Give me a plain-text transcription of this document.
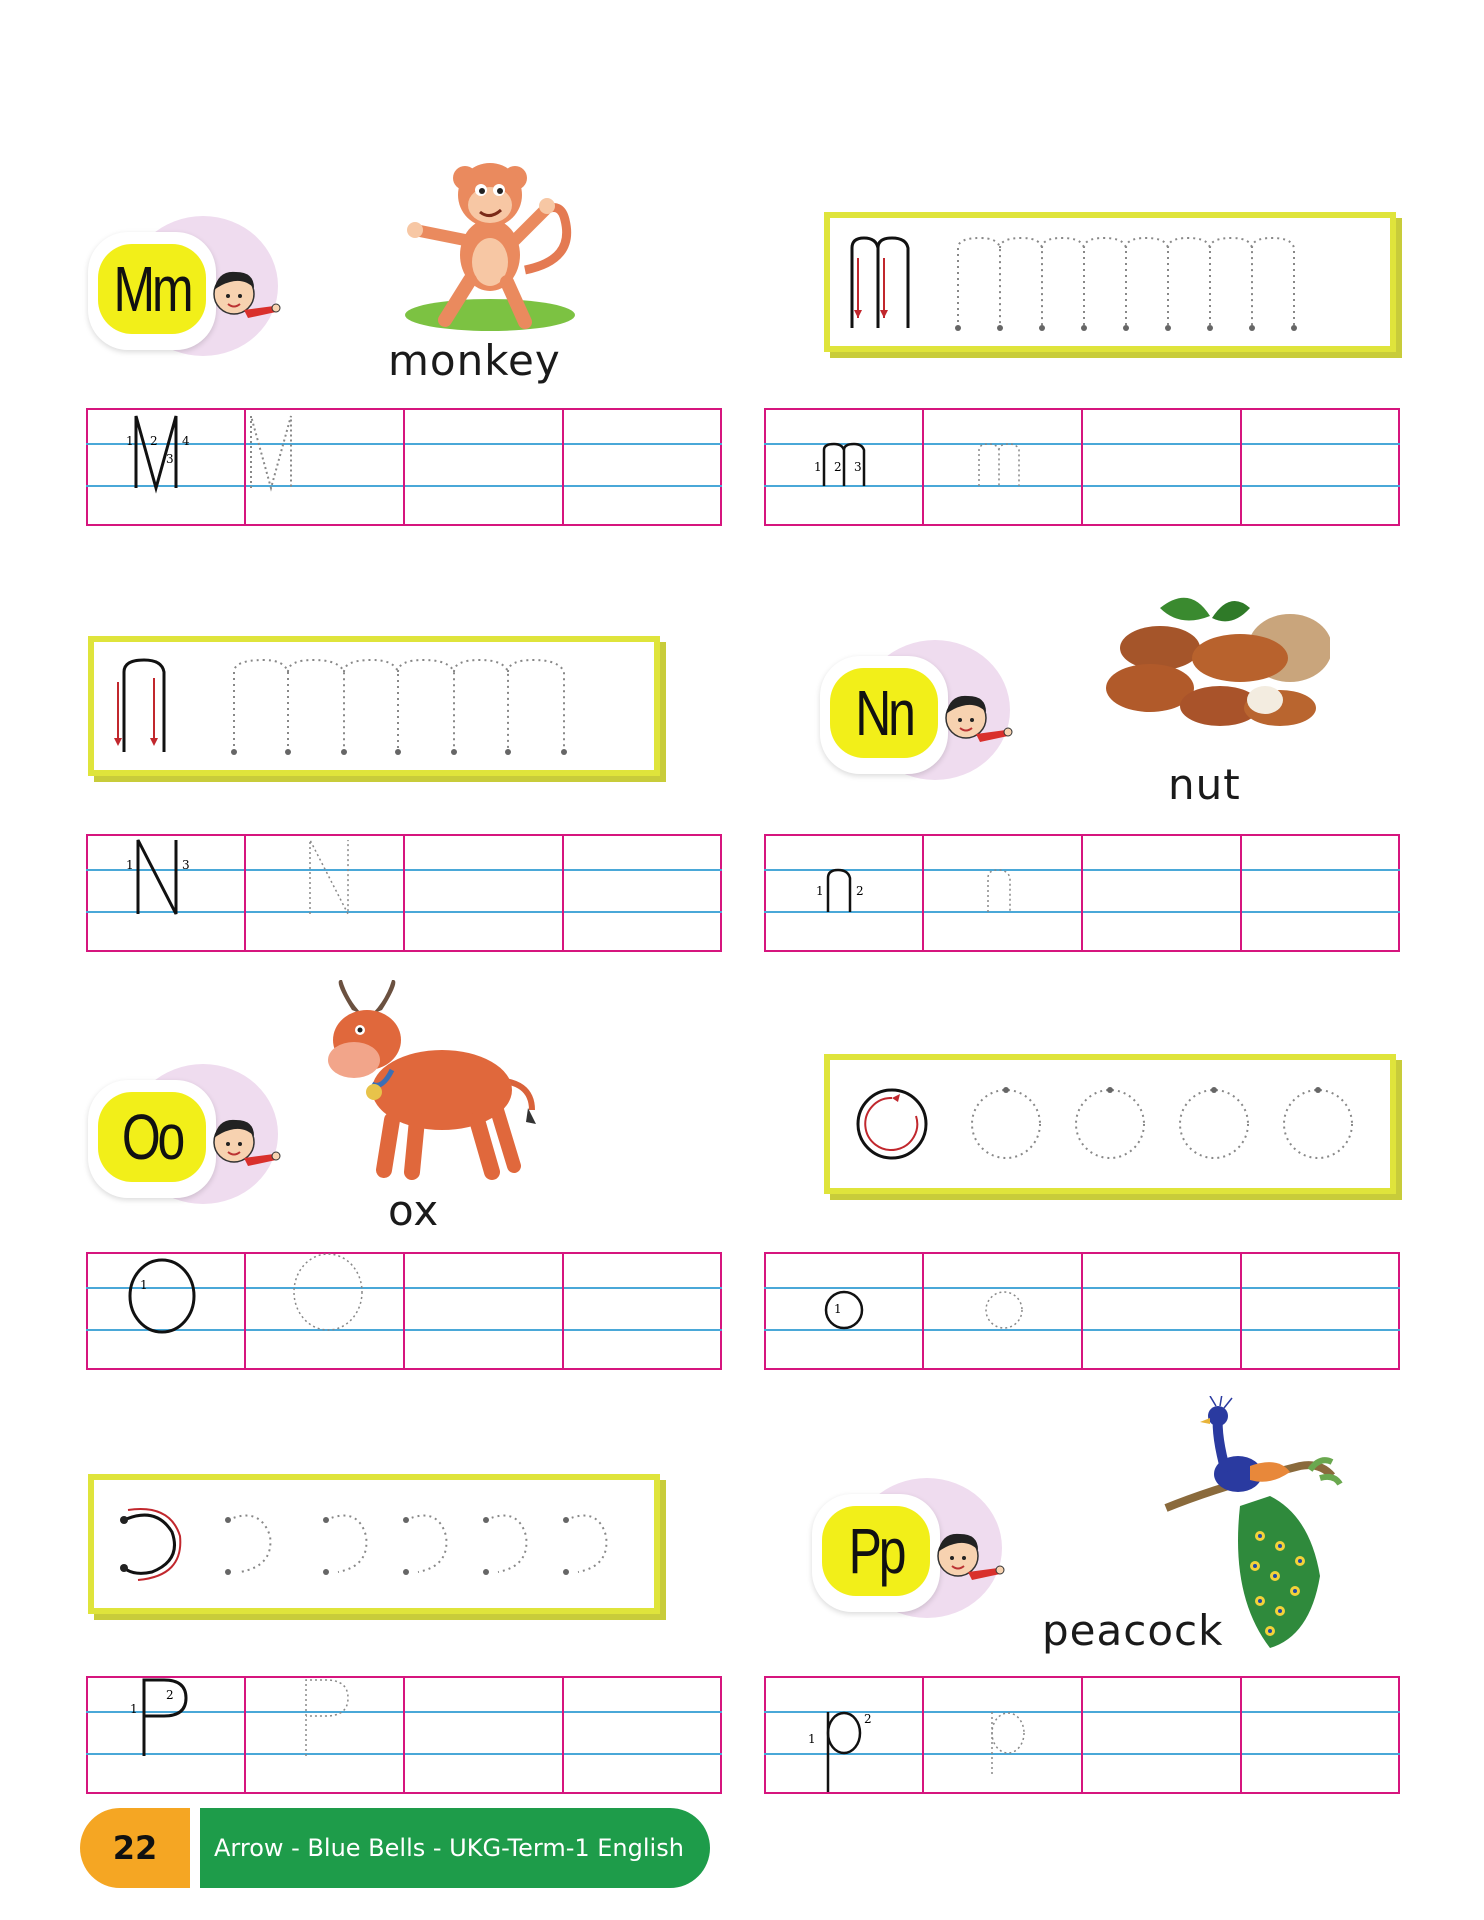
Mm
monkey
1 2
3
4
1 2 3
Nn
nut
1	3
1	2
Oo
ox
1
1
Pp
peacock
1
2
1
2
22	Arrow - Blue Bells - UKG-Term-1 English
